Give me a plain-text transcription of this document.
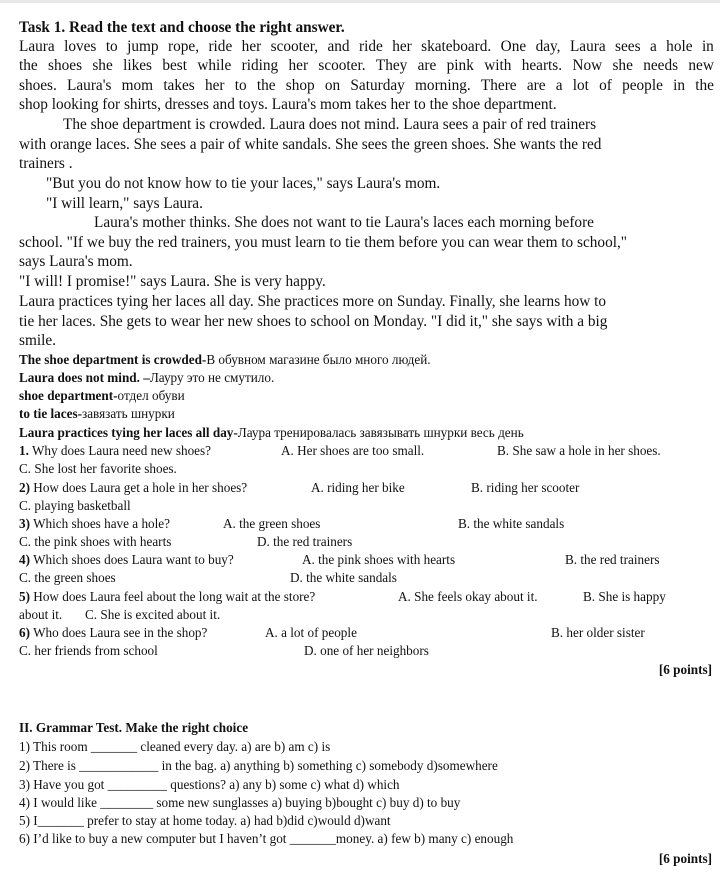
Task 1. Read the text and choose the right answer.
Laura loves to jump rope, ride her scooter, and ride her skateboard. One day, Laura sees a hole in
the shoes she likes best while riding her scooter. They are pink with hearts. Now she needs new
shoes. Laura's mom takes her to the shop on Saturday morning. There are a lot of people in the
shop looking for shirts, dresses and toys. Laura's mom takes her to the shoe department.
The shoe department is crowded. Laura does not mind. Laura sees a pair of red trainers
with orange laces. She sees a pair of white sandals. She sees the green shoes. She wants the red
trainers .
"But you do not know how to tie your laces," says Laura's mom.
"I will learn," says Laura.
Laura's mother thinks. She does not want to tie Laura's laces each morning before
school. "If we buy the red trainers, you must learn to tie them before you can wear them to school,"
says Laura's mom.
"I will! I promise!" says Laura. She is very happy.
Laura practices tying her laces all day. She practices more on Sunday. Finally, she learns how to
tie her laces. She gets to wear her new shoes to school on Monday. "I did it," she says with a big
smile.
The shoe department is crowded-В обувном магазине было много людей.
Laura does not mind. –Лауру это не смутило.
shoe department-отдел обуви
to tie laces-завязать шнурки
Laura practices tying her laces all day-Лаура тренировалась завязывать шнурки весь день
1. Why does Laura need new shoes?	A. Her shoes are too small.	B. She saw a hole in her shoes.
C. She lost her favorite shoes.
2) How does Laura get a hole in her shoes?	A. riding her bike	B. riding her scooter
C. playing basketball
3) Which shoes have a hole?	A. the green shoes	B. the white sandals
C. the pink shoes with hearts	D. the red trainers
4) Which shoes does Laura want to buy?	A. the pink shoes with hearts	B. the red trainers
C. the green shoes	D. the white sandals
5) How does Laura feel about the long wait at the store?	A. She feels okay about it.	B. She is happy
about it. C. She is excited about it.
6) Who does Laura see in the shop?	A. a lot of people	B. her older sister
C. her friends from school	D. one of her neighbors
[6 points]
II. Grammar Test. Make the right choice
1) This room _______ cleaned every day. a) are b) am c) is
2) There is ____________ in the bag. a) anything b) something c) somebody d)somewhere
3) Have you got _________ questions? a) any b) some c) what d) which
4) I would like ________ some new sunglasses a) buying b)bought c) buy d) to buy
5) I_______ prefer to stay at home today. a) had b)did c)would d)want
6) I’d like to buy a new computer but I haven’t got _______money. a) few b) many c) enough
[6 points]
